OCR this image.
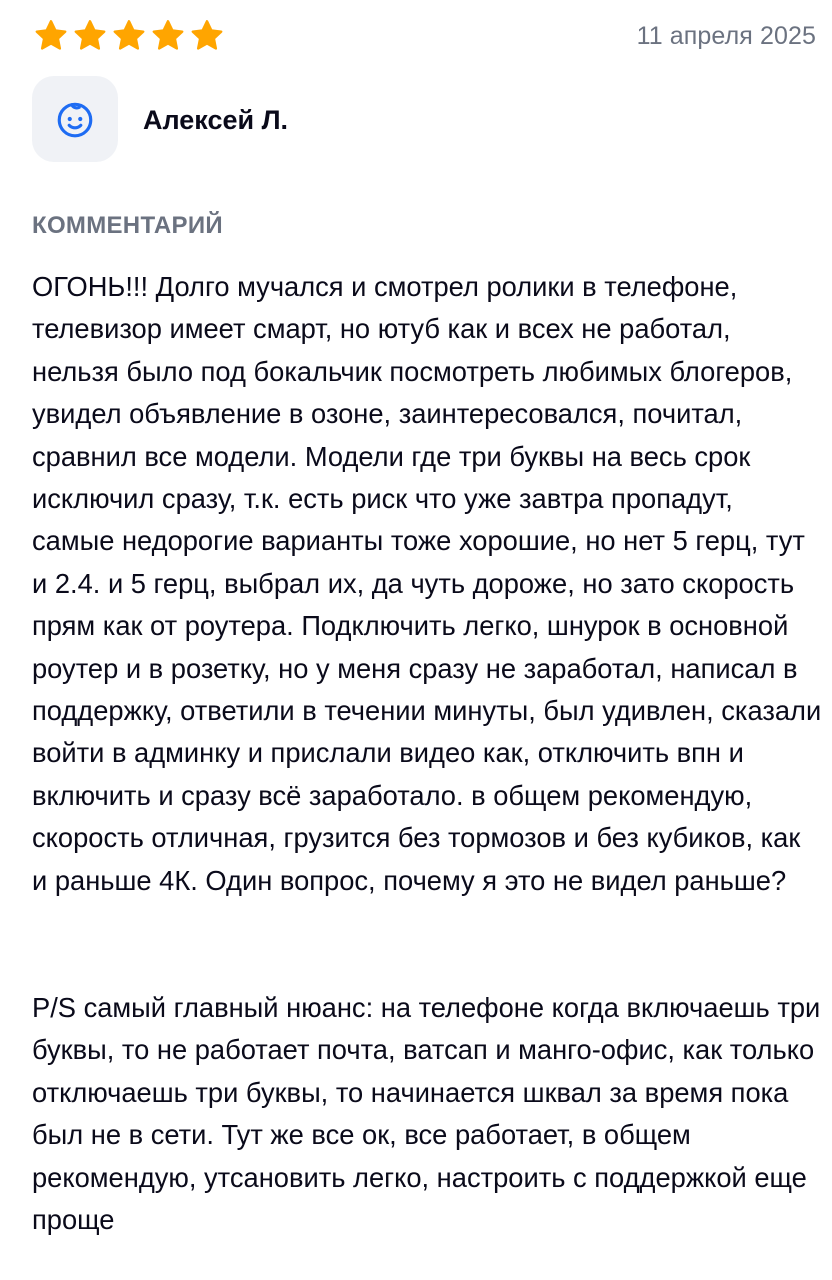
11 апреля 2025
Алексей Л.
КОММЕНТАРИЙ

ОГОНЬ!!! Долго мучался и смотрел ролики в телефоне, телевизор имеет смарт, но ютуб как и всех не работал, нельзя было под бокальчик посмотреть любимых блогеров, увидел объявление в озоне, заинтересовался, почитал, сравнил все модели. Модели где три буквы на весь срок исключил сразу, т.к. есть риск что уже завтра пропадут, самые недорогие варианты тоже хорошие, но нет 5 герц, тут и 2.4. и 5 герц, выбрал их, да чуть дороже, но зато скорость прям как от роутера. Подключить легко, шнурок в основной роутер и в розетку, но у меня сразу не заработал, написал в поддержку, ответили в течении минуты, был удивлен, сказали войти в админку и прислали видео как, отключить впн и включить и сразу всё заработало. в общем рекомендую, скорость отличная, грузится без тормозов и без кубиков, как и раньше 4К. Один вопрос, почему я это не видел раньше?

P/S самый главный нюанс: на телефоне когда включаешь три буквы, то не работает почта, ватсап и манго-офис, как только отключаешь три буквы, то начинается шквал за время пока был не в сети. Тут же все ок, все работает, в общем рекомендую, утсановить легко, настроить с поддержкой еще проще
